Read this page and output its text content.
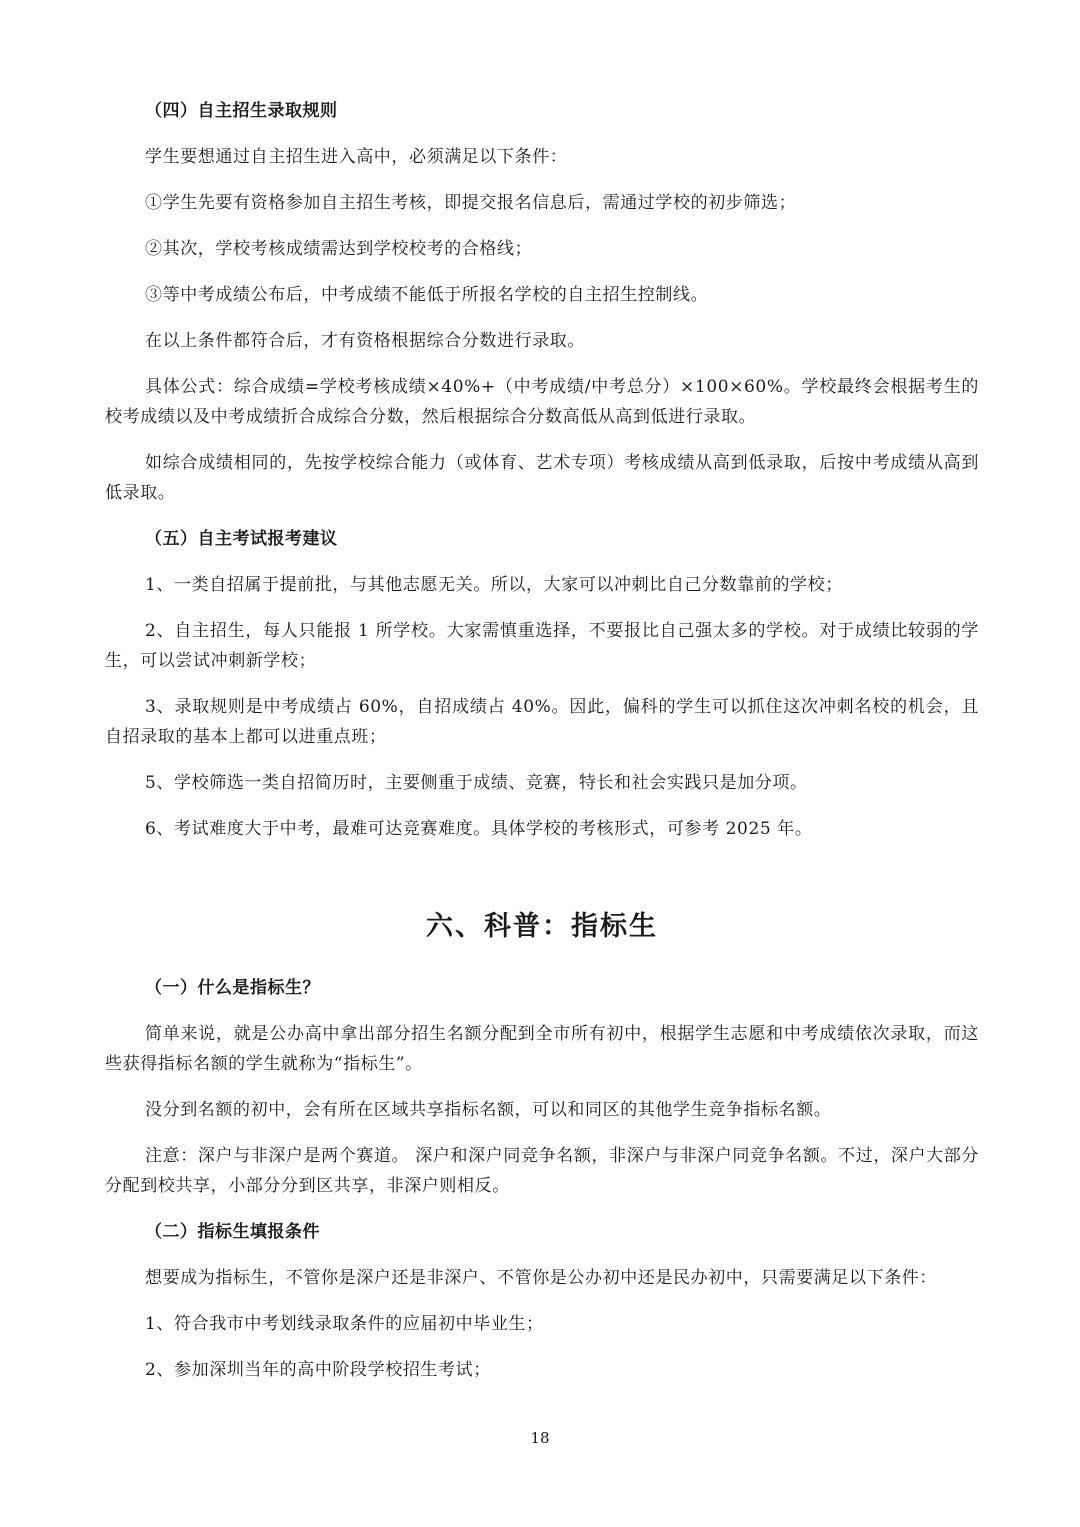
（四）自主招生录取规则

学生要想通过自主招生进入高中，必须满足以下条件：

①学生先要有资格参加自主招生考核，即提交报名信息后，需通过学校的初步筛选；

②其次，学校考核成绩需达到学校校考的合格线；

③等中考成绩公布后，中考成绩不能低于所报名学校的自主招生控制线。

在以上条件都符合后，才有资格根据综合分数进行录取。

具体公式：综合成绩=学校考核成绩×40%+（中考成绩/中考总分）×100×60%。学校最终会根据考生的校考成绩以及中考成绩折合成综合分数，然后根据综合分数高低从高到低进行录取。

如综合成绩相同的，先按学校综合能力（或体育、艺术专项）考核成绩从高到低录取，后按中考成绩从高到低录取。

（五）自主考试报考建议

1、一类自招属于提前批，与其他志愿无关。所以，大家可以冲刺比自己分数靠前的学校；

2、自主招生，每人只能报 1 所学校。大家需慎重选择，不要报比自己强太多的学校。对于成绩比较弱的学生，可以尝试冲刺新学校；

3、录取规则是中考成绩占 60%，自招成绩占 40%。因此，偏科的学生可以抓住这次冲刺名校的机会，且自招录取的基本上都可以进重点班；

5、学校筛选一类自招简历时，主要侧重于成绩、竞赛，特长和社会实践只是加分项。

6、考试难度大于中考，最难可达竞赛难度。具体学校的考核形式，可参考 2025 年。

六、科普：指标生
（一）什么是指标生？

简单来说，就是公办高中拿出部分招生名额分配到全市所有初中，根据学生志愿和中考成绩依次录取，而这些获得指标名额的学生就称为“指标生”。

没分到名额的初中，会有所在区域共享指标名额，可以和同区的其他学生竞争指标名额。

注意：深户与非深户是两个赛道。 深户和深户同竞争名额，非深户与非深户同竞争名额。不过，深户大部分分配到校共享，小部分分到区共享，非深户则相反。

（二）指标生填报条件

想要成为指标生，不管你是深户还是非深户、不管你是公办初中还是民办初中，只需要满足以下条件：

1、符合我市中考划线录取条件的应届初中毕业生；

2、参加深圳当年的高中阶段学校招生考试；

18
